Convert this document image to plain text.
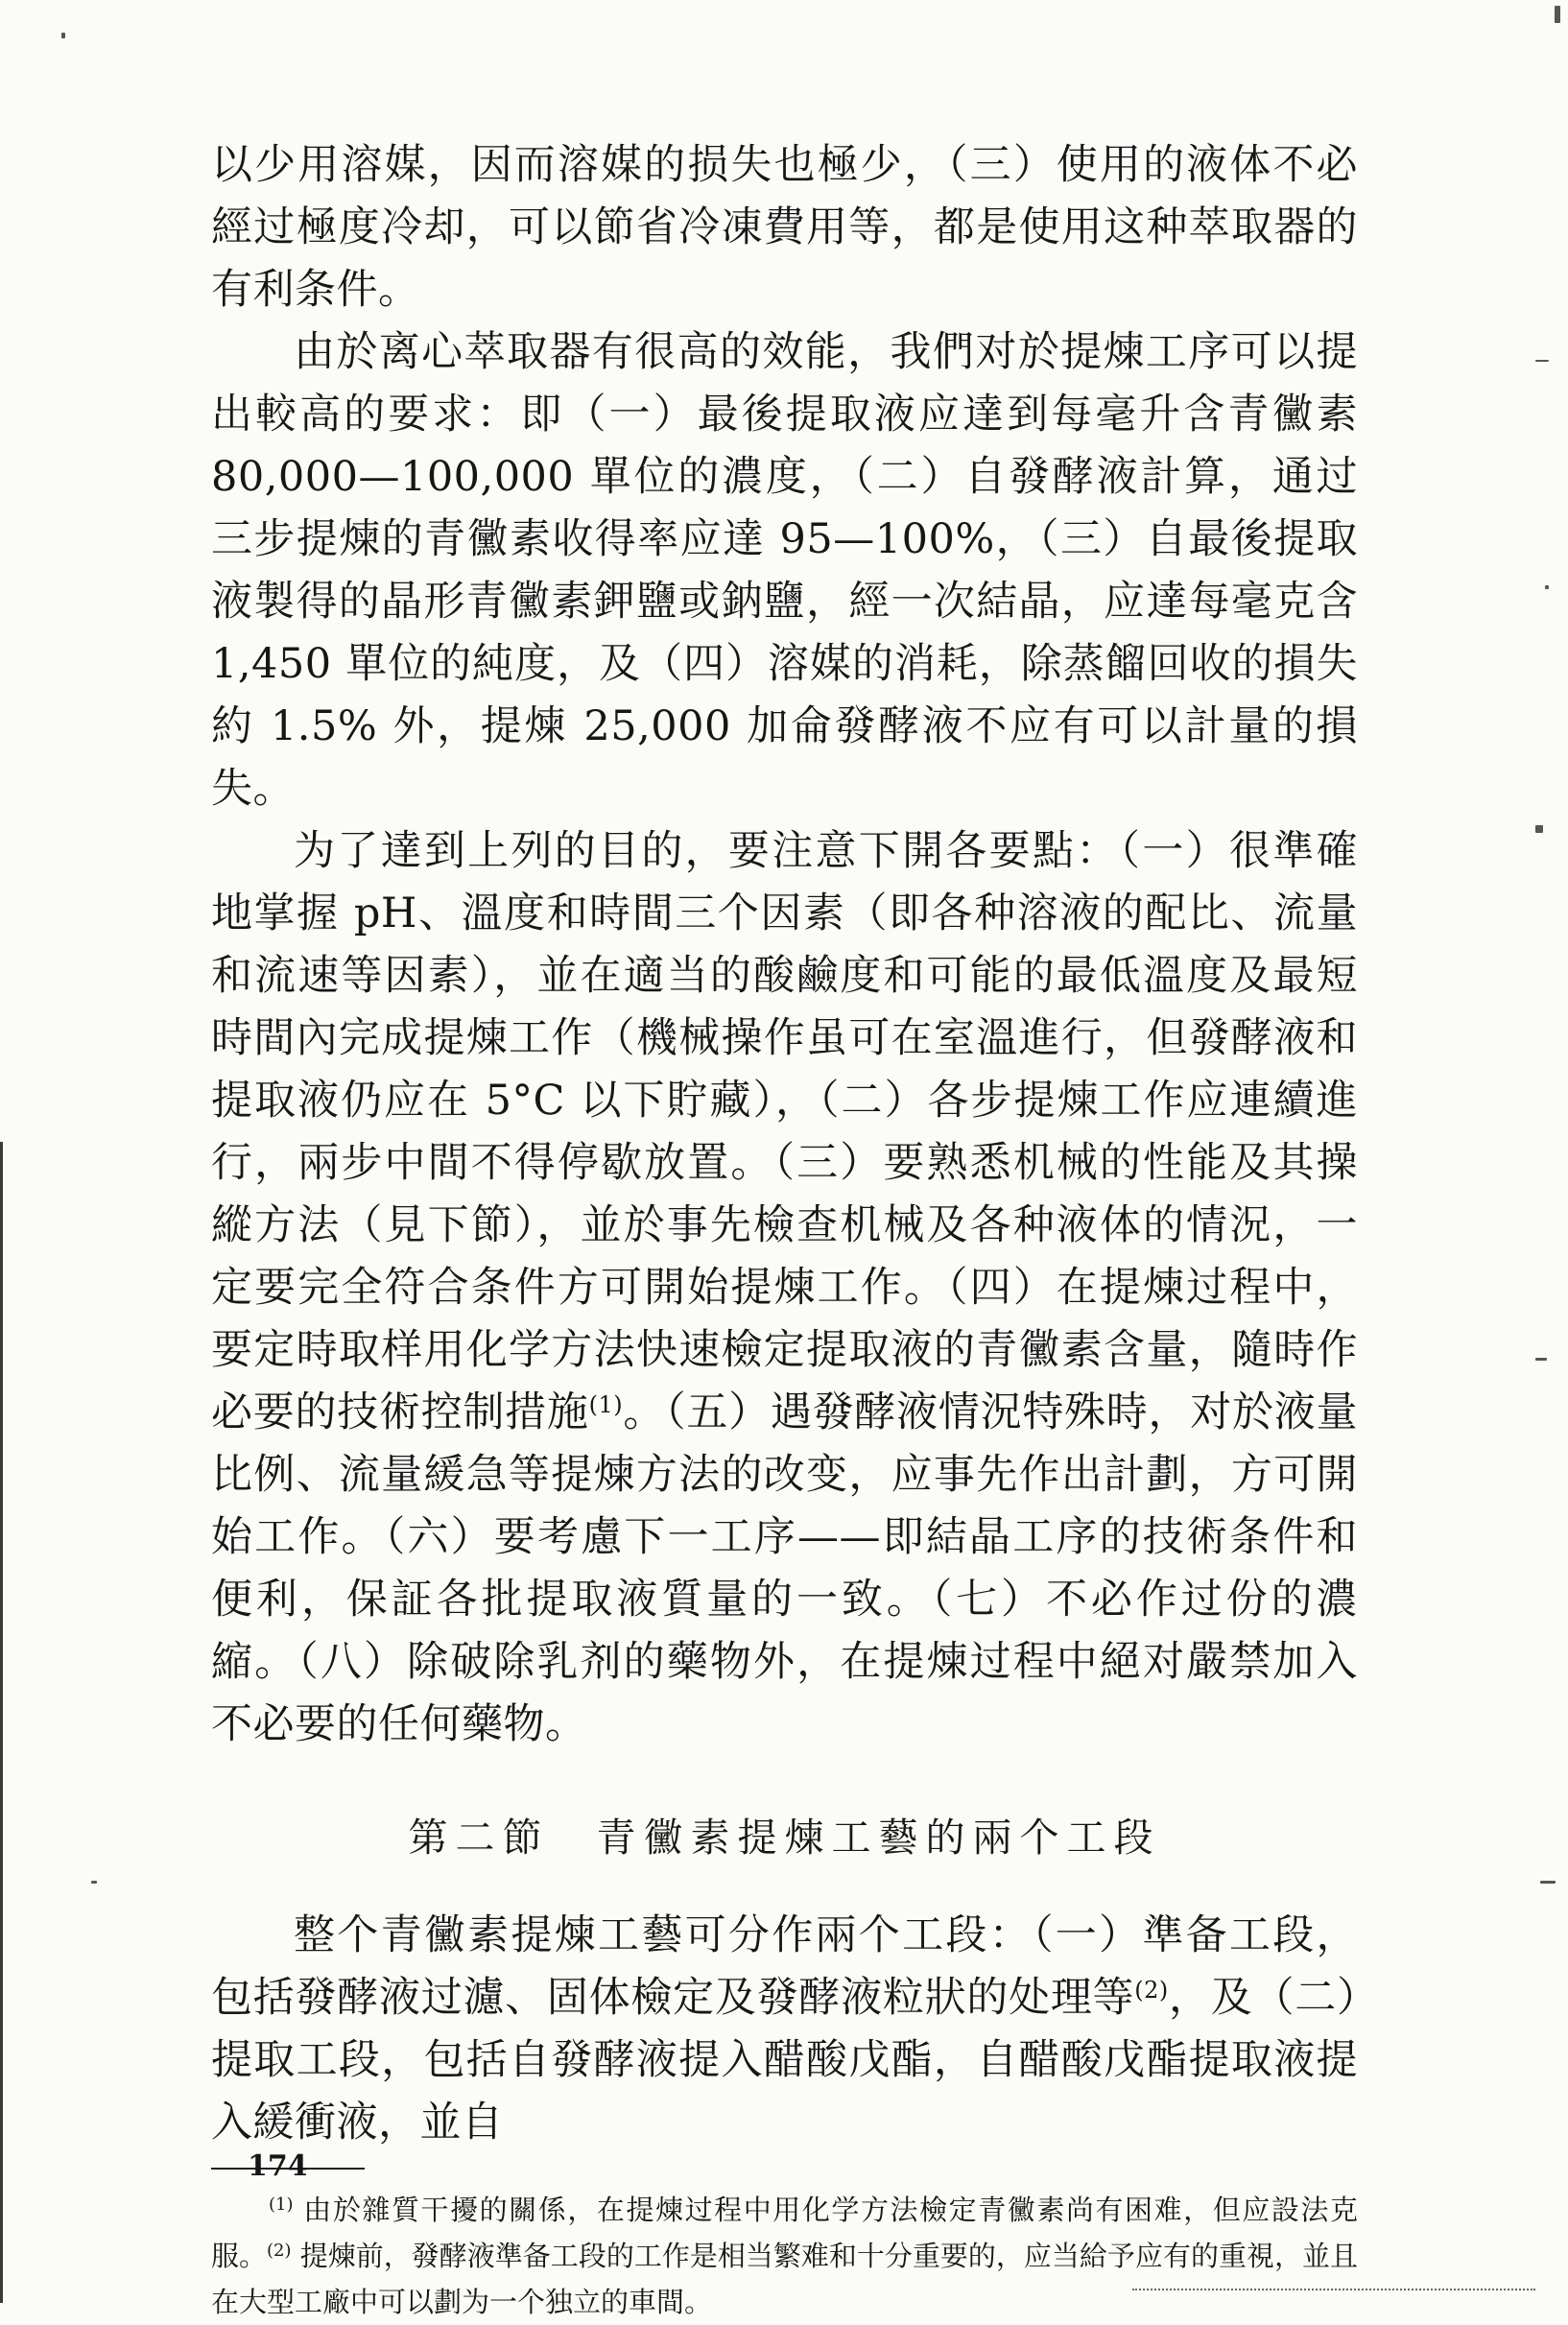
以少用溶媒，因而溶媒的损失也極少，（三）使用的液体不必經过極度冷却，可以節省冷凍費用等，都是使用这种萃取器的有利条件。

由於离心萃取器有很高的效能，我們对於提煉工序可以提出較高的要求：即（一）最後提取液应達到每毫升含青黴素 80,000—100,000 單位的濃度，（二）自發酵液計算，通过三步提煉的青黴素收得率应達 95—100%，（三）自最後提取液製得的晶形青黴素鉀鹽或鈉鹽，經一次結晶，应達每毫克含 1,450 單位的純度，及（四）溶媒的消耗，除蒸餾回收的損失約 1.5% 外，提煉 25,000 加侖發酵液不应有可以計量的損失。

为了達到上列的目的，要注意下開各要點：（一）很準確地掌握 pH、溫度和時間三个因素（即各种溶液的配比、流量和流速等因素），並在適当的酸鹼度和可能的最低溫度及最短時間內完成提煉工作（機械操作虽可在室溫進行，但發酵液和提取液仍应在 5°C 以下貯藏），（二）各步提煉工作应連續進行，兩步中間不得停歇放置。（三）要熟悉机械的性能及其操縱方法（見下節），並於事先檢查机械及各种液体的情況，一定要完全符合条件方可開始提煉工作。（四）在提煉过程中，要定時取样用化学方法快速檢定提取液的青黴素含量，隨時作必要的技術控制措施$^{(1)}$。（五）遇發酵液情況特殊時，对於液量比例、流量緩急等提煉方法的改变，应事先作出計劃，方可開始工作。（六）要考慮下一工序——即結晶工序的技術条件和便利，保証各批提取液質量的一致。（七）不必作过份的濃縮。（八）除破除乳剂的藥物外，在提煉过程中絕对嚴禁加入不必要的任何藥物。

第二節　青黴素提煉工藝的兩个工段

整个青黴素提煉工藝可分作兩个工段：（一）準备工段，包括發酵液过濾、固体檢定及發酵液粒狀的处理等$^{(2)}$，及（二）提取工段，包括自發酵液提入醋酸戊酯，自醋酸戊酯提取液提入緩衝液，並自

$^{(1)}$ 由於雜質干擾的關係，在提煉过程中用化学方法檢定青黴素尚有困难，但应設法克服。$^{(2)}$ 提煉前，發酵液準备工段的工作是相当繁难和十分重要的，应当給予应有的重視，並且在大型工廠中可以劃为一个独立的車間。

174
